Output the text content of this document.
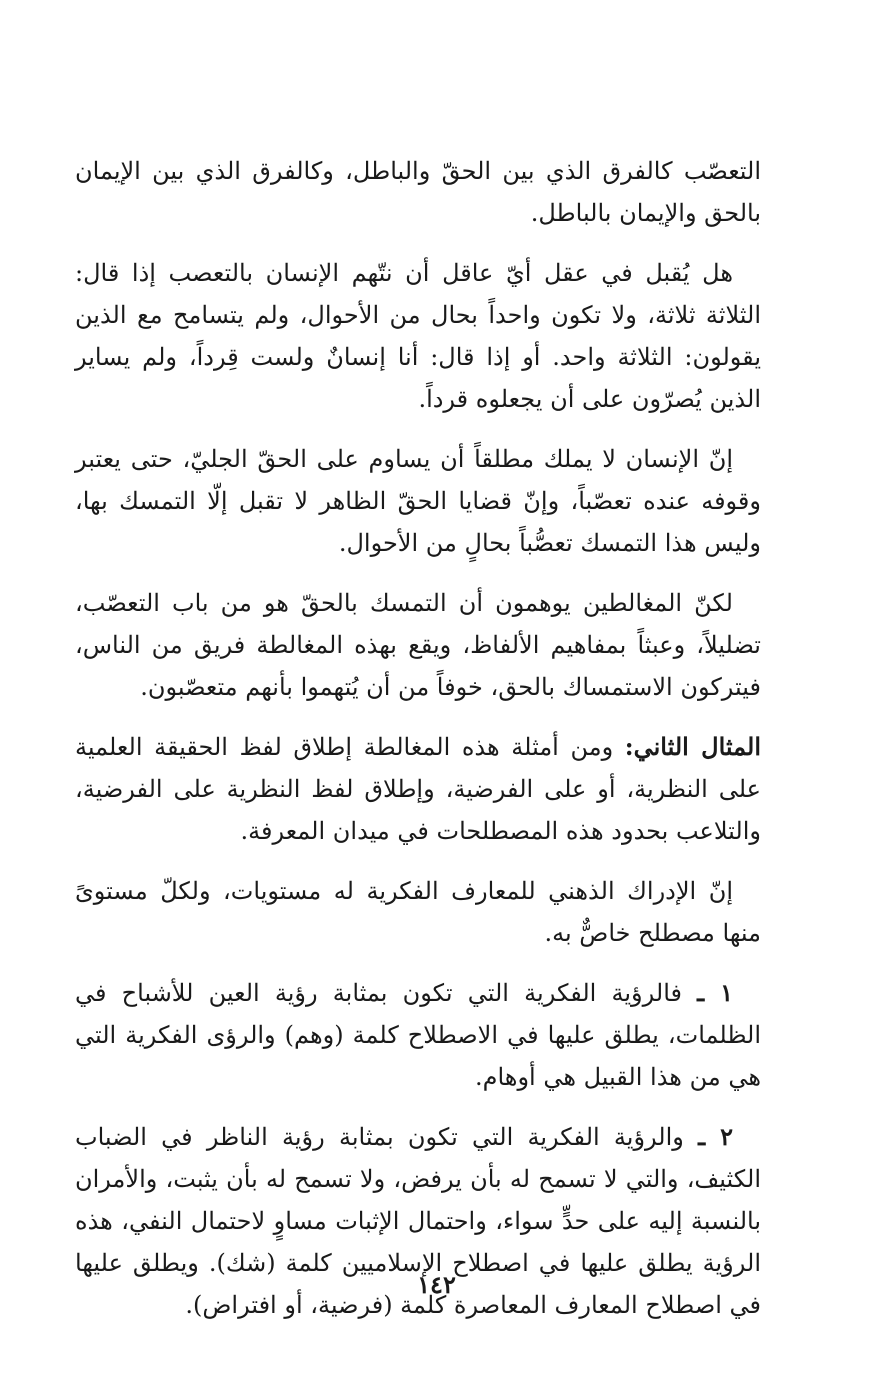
التعصّب كالفرق الذي بين الحقّ والباطل، وكالفرق الذي بين الإيمان بالحق والإيمان بالباطل.

هل يُقبل في عقل أيّ عاقل أن نتّهم الإنسان بالتعصب إذا قال: الثلاثة ثلاثة، ولا تكون واحداً بحال من الأحوال، ولم يتسامح مع الذين يقولون: الثلاثة واحد. أو إذا قال: أنا إنسانٌ ولست قِرداً، ولم يساير الذين يُصرّون على أن يجعلوه قرداً.

إنّ الإنسان لا يملك مطلقاً أن يساوم على الحقّ الجليّ، حتى يعتبر وقوفه عنده تعصّباً، وإنّ قضايا الحقّ الظاهر لا تقبل إلّا التمسك بها، وليس هذا التمسك تعصُّباً بحالٍ من الأحوال.

لكنّ المغالطين يوهمون أن التمسك بالحقّ هو من باب التعصّب، تضليلاً، وعبثاً بمفاهيم الألفاظ، ويقع بهذه المغالطة فريق من الناس، فيتركون الاستمساك بالحق، خوفاً من أن يُتهموا بأنهم متعصّبون.

المثال الثاني: ومن أمثلة هذه المغالطة إطلاق لفظ الحقيقة العلمية على النظرية، أو على الفرضية، وإطلاق لفظ النظرية على الفرضية، والتلاعب بحدود هذه المصطلحات في ميدان المعرفة.

إنّ الإدراك الذهني للمعارف الفكرية له مستويات، ولكلّ مستوىً منها مصطلح خاصٌّ به.

١ ـ فالرؤية الفكرية التي تكون بمثابة رؤية العين للأشباح في الظلمات، يطلق عليها في الاصطلاح كلمة (وهم) والرؤى الفكرية التي هي من هذا القبيل هي أوهام.

٢ ـ والرؤية الفكرية التي تكون بمثابة رؤية الناظر في الضباب الكثيف، والتي لا تسمح له بأن يرفض، ولا تسمح له بأن يثبت، والأمران بالنسبة إليه على حدٍّ سواء، واحتمال الإثبات مساوٍ لاحتمال النفي، هذه الرؤية يطلق عليها في اصطلاح الإسلاميين كلمة (شك). ويطلق عليها في اصطلاح المعارف المعاصرة كلمة (فرضية، أو افتراض).

١٤٢
